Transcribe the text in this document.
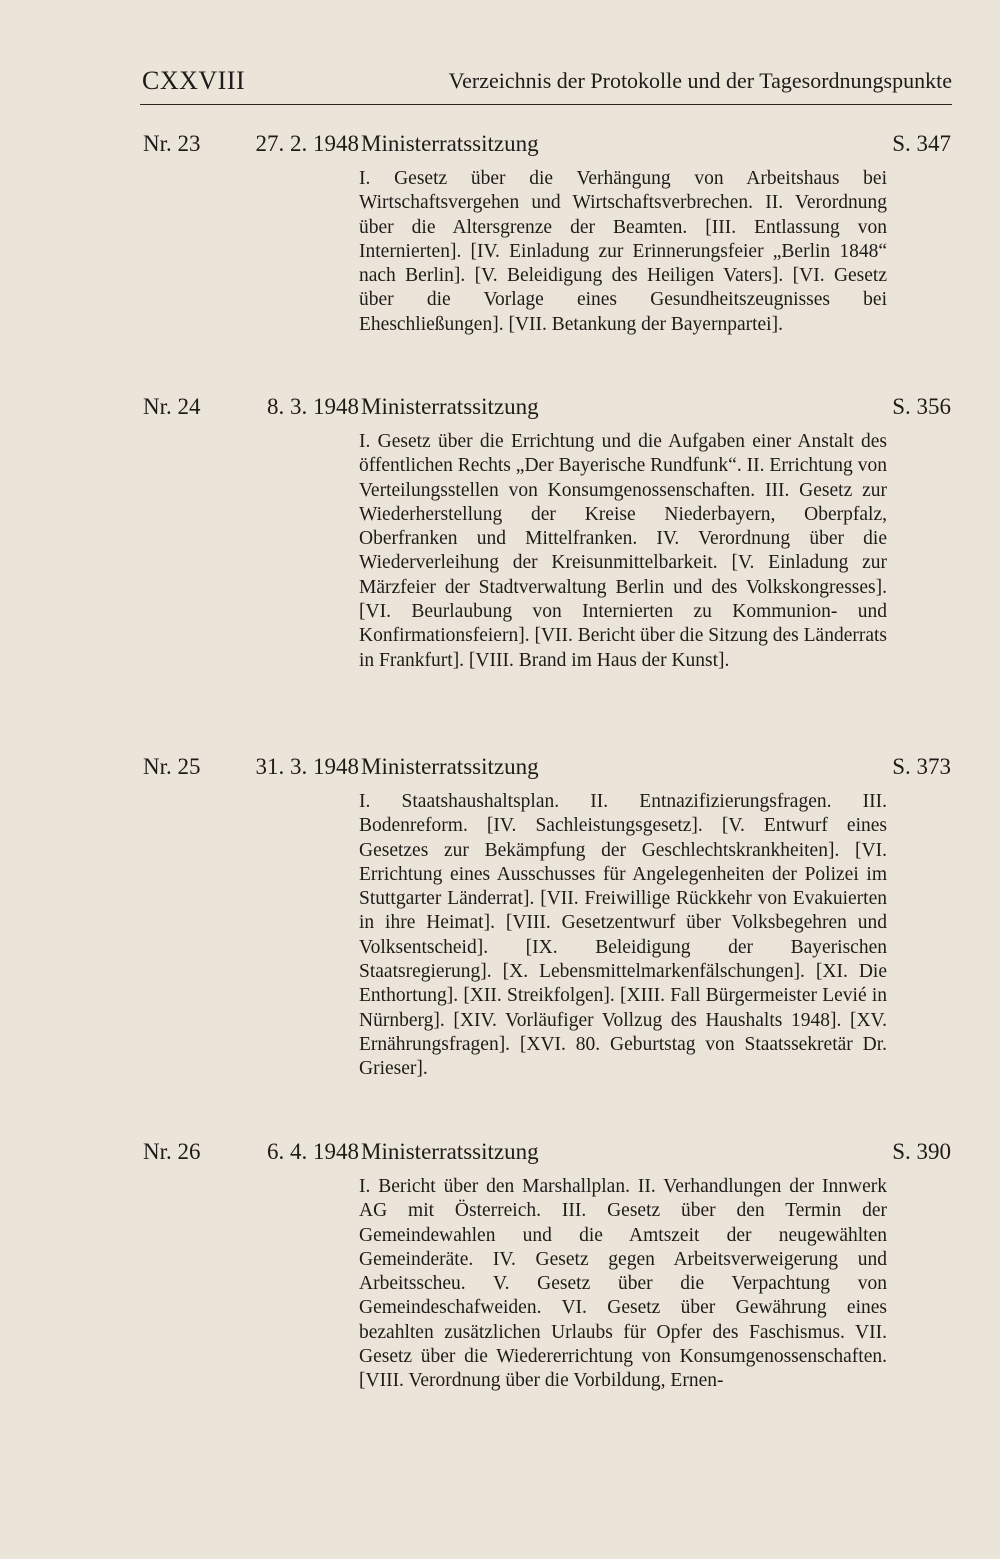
CXXVIII	Verzeichnis der Protokolle und der Tagesordnungspunkte
Nr. 23 27. 2. 1948 Ministerratssitzung	S. 347
I. Gesetz über die Verhängung von Arbeitshaus bei Wirtschaftsvergehen und Wirtschaftsverbrechen. II. Verordnung über die Altersgrenze der Beamten. [III. Entlassung von Internierten]. [IV. Einladung zur Erinnerungsfeier „Berlin 1848“ nach Berlin]. [V. Beleidigung des Heiligen Vaters]. [VI. Gesetz über die Vorlage eines Gesundheitszeugnisses bei Eheschließungen]. [VII. Betankung der Bayernpartei].
Nr. 24	8. 3. 1948 Ministerratssitzung	S. 356
I. Gesetz über die Errichtung und die Aufgaben einer Anstalt des öffentlichen Rechts „Der Bayerische Rundfunk“. II. Errichtung von Verteilungsstellen von Konsumgenossenschaften. III. Gesetz zur Wiederherstellung der Kreise Niederbayern, Oberpfalz, Oberfranken und Mittelfranken. IV. Verordnung über die Wiederverleihung der Kreisunmittelbarkeit. [V. Einladung zur Märzfeier der Stadtverwaltung Berlin und des Volkskongresses]. [VI. Beurlaubung von Internierten zu Kommunion- und Konfirmationsfeiern]. [VII. Bericht über die Sitzung des Länderrats in Frankfurt]. [VIII. Brand im Haus der Kunst].
Nr. 25 31. 3. 1948 Ministerratssitzung	S. 373
I. Staatshaushaltsplan. II. Entnazifizierungsfragen. III. Bodenreform. [IV. Sachleistungsgesetz]. [V. Entwurf eines Gesetzes zur Bekämpfung der Geschlechtskrankheiten]. [VI. Errichtung eines Ausschusses für Angelegenheiten der Polizei im Stuttgarter Länderrat]. [VII. Freiwillige Rückkehr von Evakuierten in ihre Heimat]. [VIII. Gesetzentwurf über Volksbegehren und Volksentscheid]. [IX. Beleidigung der Bayerischen Staatsregierung]. [X. Lebensmittelmarkenfälschungen]. [XI. Die Enthortung]. [XII. Streikfolgen]. [XIII. Fall Bürgermeister Levié in Nürnberg]. [XIV. Vorläufiger Vollzug des Haushalts 1948]. [XV. Ernährungsfragen]. [XVI. 80. Geburtstag von Staatssekretär Dr. Grieser].
Nr. 26	6. 4. 1948 Ministerratssitzung	S. 390
I. Bericht über den Marshallplan. II. Verhandlungen der Innwerk AG mit Österreich. III. Gesetz über den Termin der Gemeindewahlen und die Amtszeit der neugewählten Gemeinderäte. IV. Gesetz gegen Arbeitsverweigerung und Arbeitsscheu. V. Gesetz über die Verpachtung von Gemeindeschafweiden. VI. Gesetz über Gewährung eines bezahlten zusätzlichen Urlaubs für Opfer des Faschismus. VII. Gesetz über die Wiedererrichtung von Konsumgenossenschaften. [VIII. Verordnung über die Vorbildung, Ernen-
